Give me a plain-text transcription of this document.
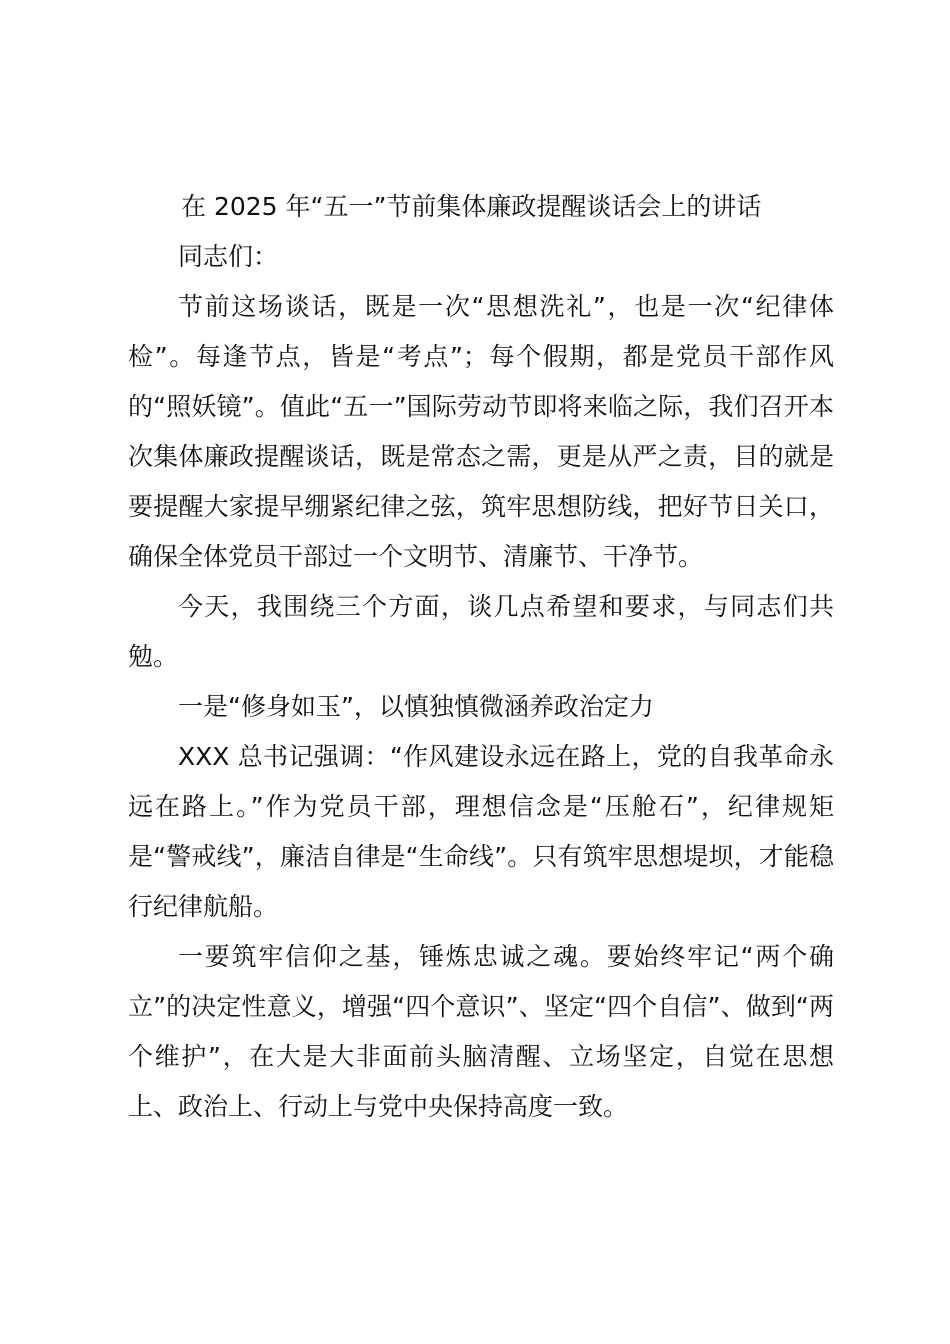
在 2025 年“五一”节前集体廉政提醒谈话会上的讲话

同志们：

节前这场谈话，既是一次“思想洗礼”，也是一次“纪律体检”。每逢节点，皆是“考点”；每个假期，都是党员干部作风的“照妖镜”。值此“五一”国际劳动节即将来临之际，我们召开本次集体廉政提醒谈话，既是常态之需，更是从严之责，目的就是要提醒大家提早绷紧纪律之弦，筑牢思想防线，把好节日关口，确保全体党员干部过一个文明节、清廉节、干净节。

今天，我围绕三个方面，谈几点希望和要求，与同志们共勉。

一是“修身如玉”，以慎独慎微涵养政治定力

XXX 总书记强调：“作风建设永远在路上，党的自我革命永远在路上。”作为党员干部，理想信念是“压舱石”，纪律规矩是“警戒线”，廉洁自律是“生命线”。只有筑牢思想堤坝，才能稳行纪律航船。

一要筑牢信仰之基，锤炼忠诚之魂。要始终牢记“两个确立”的决定性意义，增强“四个意识”、坚定“四个自信”、做到“两个维护”，在大是大非面前头脑清醒、立场坚定，自觉在思想上、政治上、行动上与党中央保持高度一致。
